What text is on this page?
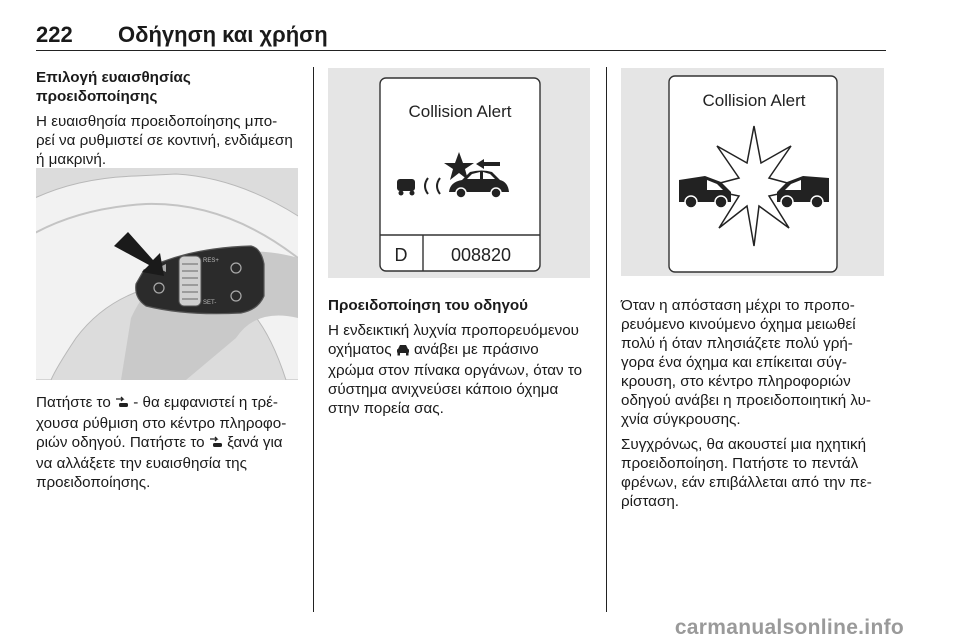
222 Οδήγηση και χρήση

Επιλογή ευαισθησίας
προειδοποίησης

Η ευαισθησία προειδοποίησης μπο-
ρεί να ρυθμιστεί σε κοντινή, ενδιάμεση
ή μακρινή.

RES+
SET-

Πατήστε το - θα εμφανιστεί η τρέ-
χουσα ρύθμιση στο κέντρο πληροφο-
ριών οδηγού. Πατήστε το ξανά για
να αλλάξετε την ευαισθησία της
προειδοποίησης.

Collision Alert
D 008820

Προειδοποίηση του οδηγού

Η ενδεικτική λυχνία προπορευόμενου
οχήματος ανάβει με πράσινο
χρώμα στον πίνακα οργάνων, όταν το
σύστημα ανιχνεύσει κάποιο όχημα
στην πορεία σας.

Collision Alert

Όταν η απόσταση μέχρι το προπο-
ρευόμενο κινούμενο όχημα μειωθεί
πολύ ή όταν πλησιάζετε πολύ γρή-
γορα ένα όχημα και επίκειται σύγ-
κρουση, στο κέντρο πληροφοριών
οδηγού ανάβει η προειδοποιητική λυ-
χνία σύγκρουσης.

Συγχρόνως, θα ακουστεί μια ηχητική
προειδοποίηση. Πατήστε το πεντάλ
φρένων, εάν επιβάλλεται από την πε-
ρίσταση.

carmanualsonline.info
